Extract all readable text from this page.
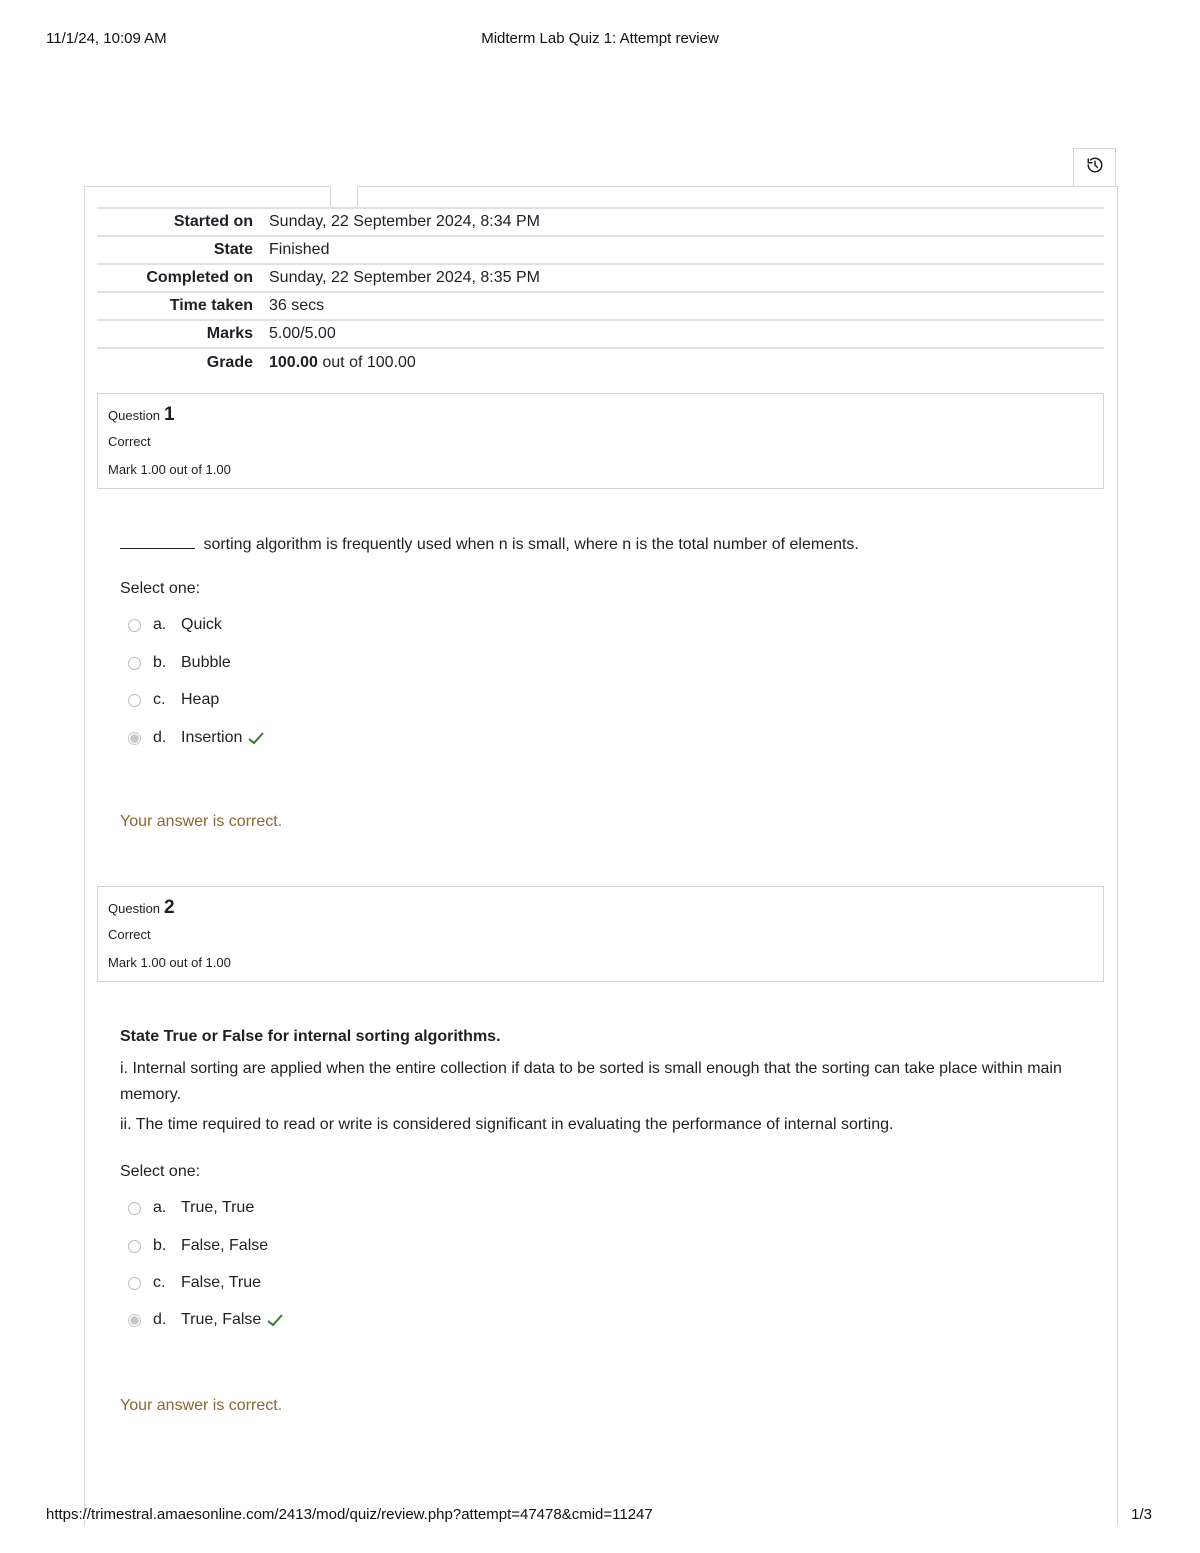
11/1/24, 10:09 AM	Midterm Lab Quiz 1: Attempt review
Started on	Sunday, 22 September 2024, 8:34 PM
State	Finished
Completed on	Sunday, 22 September 2024, 8:35 PM
Time taken	36 secs
Marks	5.00/5.00
Grade	100.00 out of 100.00
Question 1
Correct
Mark 1.00 out of 1.00
sorting algorithm is frequently used when n is small, where n is the total number of elements.
Select one:
a. Quick
b. Bubble
c. Heap
d. Insertion
Your answer is correct.
Question 2
Correct
Mark 1.00 out of 1.00
State True or False for internal sorting algorithms.
i. Internal sorting are applied when the entire collection if data to be sorted is small enough that the sorting can take place within main memory.
ii. The time required to read or write is considered significant in evaluating the performance of internal sorting.
Select one:
a. True, True
b. False, False
c. False, True
d. True, False
Your answer is correct.
https://trimestral.amaesonline.com/2413/mod/quiz/review.php?attempt=47478&cmid=11247	1/3
